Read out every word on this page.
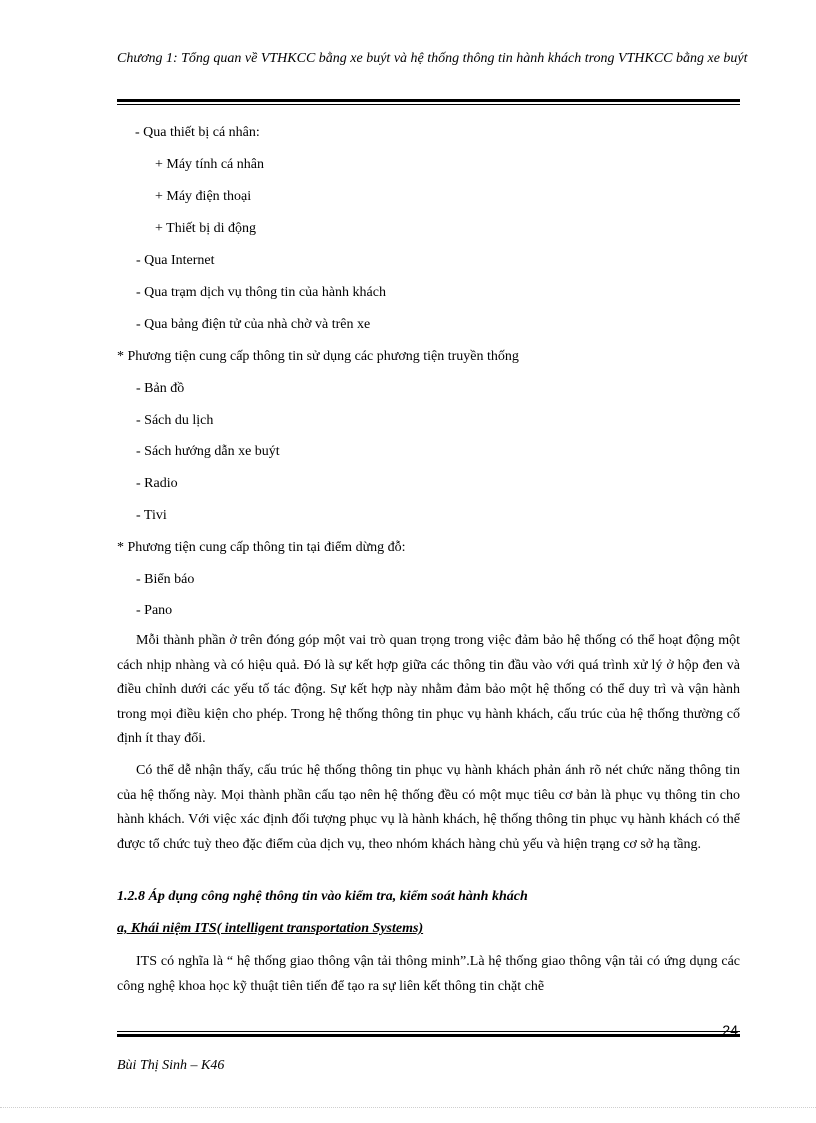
Chương 1: Tổng quan về VTHKCC bằng xe buýt và hệ thống thông tin hành khách trong VTHKCC bằng xe buýt
- Qua thiết bị cá nhân:
+ Máy tính cá nhân
+ Máy điện thoại
+ Thiết bị di động
- Qua Internet
- Qua trạm dịch vụ thông tin của hành khách
- Qua bảng điện tử của nhà chờ và trên xe
* Phương tiện cung cấp thông tin sử dụng các phương tiện truyền thống
- Bản đồ
- Sách du lịch
- Sách hướng dẫn xe buýt
- Radio
- Tivi
* Phương tiện cung cấp thông tin tại điểm dừng đỗ:
- Biển báo
- Pano
Mỗi thành phần ở trên đóng góp một vai trò quan trọng trong việc đảm bảo hệ thống có thể hoạt động một cách nhịp nhàng và có hiệu quả. Đó là sự kết hợp giữa các thông tin đầu vào với quá trình xử lý ở hộp đen và điều chỉnh dưới các yếu tố tác động. Sự kết hợp này nhằm đảm bảo một hệ thống có thể duy trì và vận hành trong mọi điều kiện cho phép. Trong hệ thống thông tin phục vụ hành khách, cấu trúc của hệ thống thường cố định ít thay đổi.
Có thể dễ nhận thấy, cấu trúc hệ thống thông tin phục vụ hành khách phản ánh rõ nét chức năng thông tin của hệ thống này. Mọi thành phần cấu tạo nên hệ thống đều có một mục tiêu cơ bản là phục vụ thông tin cho hành khách. Với việc xác định đối tượng phục vụ là hành khách, hệ thống thông tin phục vụ hành khách có thể được tổ chức tuỳ theo đặc điểm của dịch vụ, theo nhóm khách hàng chủ yếu và hiện trạng cơ sở hạ tầng.
1.2.8 Áp dụng công nghệ thông tin vào kiểm tra, kiểm soát hành khách
a, Khái niệm ITS( intelligent transportation Systems)
ITS có nghĩa là “ hệ thống giao thông vận tải thông minh”.Là hệ thống giao thông vận tải có ứng dụng các công nghệ khoa học kỹ thuật tiên tiến để tạo ra sự liên kết thông tin chặt chẽ
24
Bùi Thị Sinh – K46
